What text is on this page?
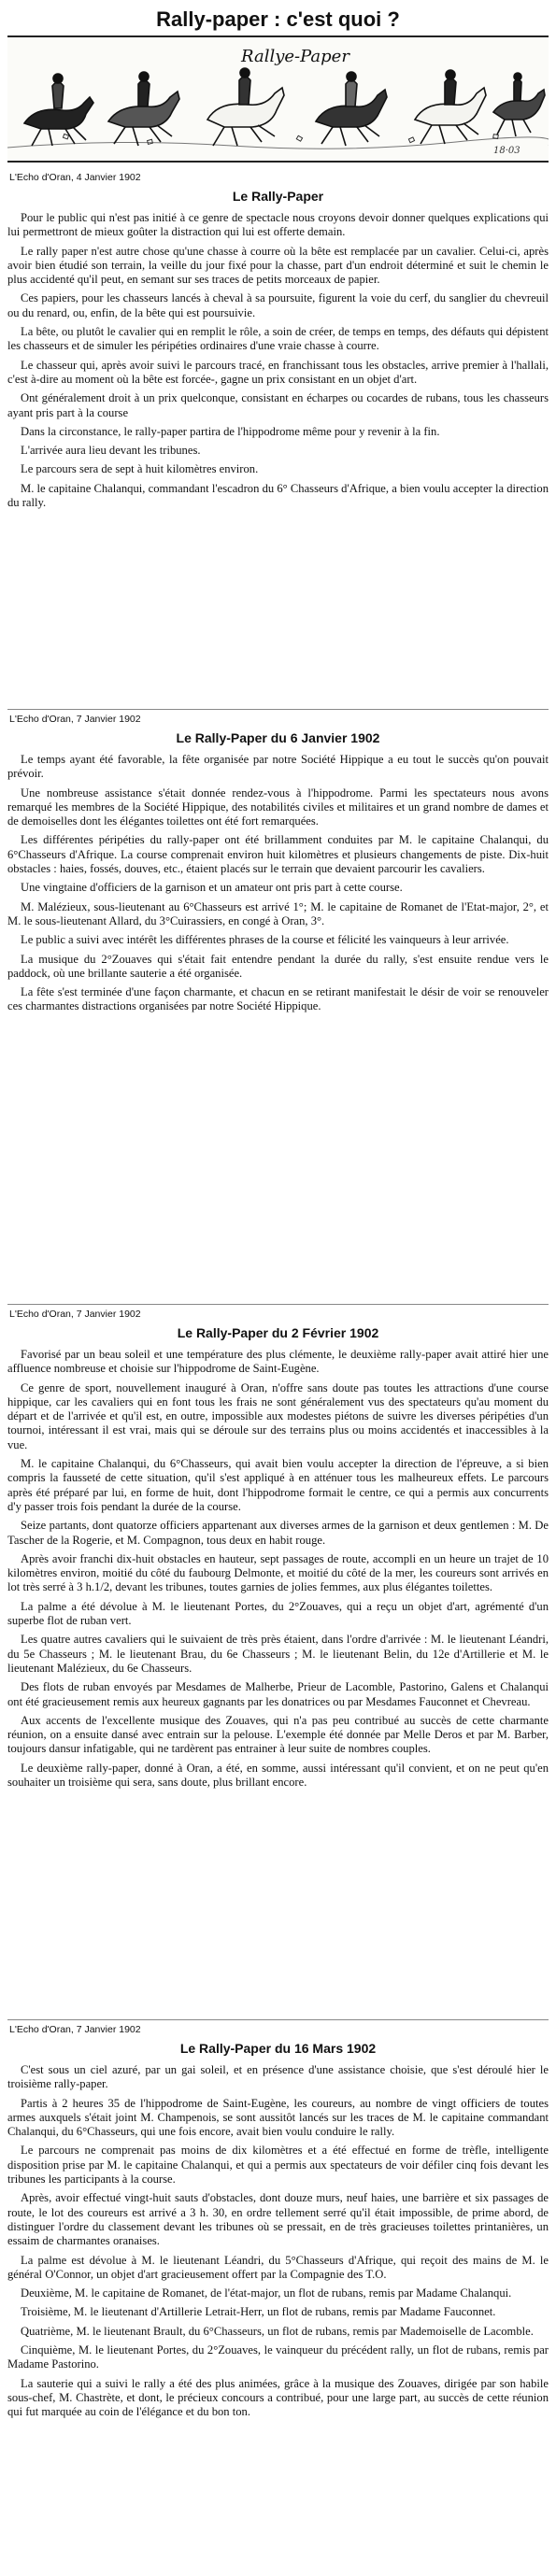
Rally-paper : c'est quoi ?
Rallye-Paper
18·03
L'Echo d'Oran, 4 Janvier 1902
Le Rally-Paper

Pour le public qui n'est pas initié à ce genre de spectacle nous croyons devoir donner quelques explications qui lui permettront de mieux goûter la distraction qui lui est offerte demain.

Le rally paper n'est autre chose qu'une chasse à courre où la bête est remplacée par un cavalier. Celui-ci, après avoir bien étudié son terrain, la veille du jour fixé pour la chasse, part d'un endroit déterminé et suit le chemin le plus accidenté qu'il peut, en semant sur ses traces de petits morceaux de papier.

Ces papiers, pour les chasseurs lancés à cheval à sa poursuite, figurent la voie du cerf, du sanglier du chevreuil ou du renard, ou, enfin, de la bête qui est poursuivie.

La bête, ou plutôt le cavalier qui en remplit le rôle, a soin de créer, de temps en temps, des défauts qui dépistent les chasseurs et de simuler les péripéties ordinaires d'une vraie chasse à courre.

Le chasseur qui, après avoir suivi le parcours tracé, en franchissant tous les obstacles, arrive premier à l'hallali, c'est à-dire au moment où la bête est forcée-, gagne un prix consistant en un objet d'art.

Ont généralement droit à un prix quelconque, consistant en écharpes ou cocardes de rubans, tous les chasseurs ayant pris part à la course

Dans la circonstance, le rally-paper partira de l'hippodrome même pour y revenir à la fin.

L'arrivée aura lieu devant les tribunes.

Le parcours sera de sept à huit kilomètres environ.

M. le capitaine Chalanqui, commandant l'escadron du 6° Chasseurs d'Afrique, a bien voulu accepter la direction du rally.

L'Echo d'Oran, 7 Janvier 1902
Le Rally-Paper du 6 Janvier 1902

Le temps ayant été favorable, la fête organisée par notre Société Hippique a eu tout le succès qu'on pouvait prévoir.

Une nombreuse assistance s'était donnée rendez-vous à l'hippodrome. Parmi les spectateurs nous avons remarqué les membres de la Société Hippique, des notabilités civiles et militaires et un grand nombre de dames et de demoiselles dont les élégantes toilettes ont été fort remarquées.

Les différentes péripéties du rally-paper ont été brillamment conduites par M. le capitaine Chalanqui, du 6°Chasseurs d'Afrique. La course comprenait environ huit kilomètres et plusieurs changements de piste. Dix-huit obstacles : haies, fossés, douves, etc., étaient placés sur le terrain que devaient parcourir les cavaliers.

Une vingtaine d'officiers de la garnison et un amateur ont pris part à cette course.

M. Malézieux, sous-lieutenant au 6°Chasseurs est arrivé 1°; M. le capitaine de Romanet de l'Etat-major, 2°, et M. le sous-lieutenant Allard, du 3°Cuirassiers, en congé à Oran, 3°.

Le public a suivi avec intérêt les différentes phrases de la course et félicité les vainqueurs à leur arrivée.

La musique du 2°Zouaves qui s'était fait entendre pendant la durée du rally, s'est ensuite rendue vers le paddock, où une brillante sauterie a été organisée.

La fête s'est terminée d'une façon charmante, et chacun en se retirant manifestait le désir de voir se renouveler ces charmantes distractions organisées par notre Société Hippique.

L'Echo d'Oran, 7 Janvier 1902
Le Rally-Paper du 2 Février 1902

Favorisé par un beau soleil et une température des plus clémente, le deuxième rally-paper avait attiré hier une affluence nombreuse et choisie sur l'hippodrome de Saint-Eugène.

Ce genre de sport, nouvellement inauguré à Oran, n'offre sans doute pas toutes les attractions d'une course hippique, car les cavaliers qui en font tous les frais ne sont généralement vus des spectateurs qu'au moment du départ et de l'arrivée et qu'il est, en outre, impossible aux modestes piétons de suivre les diverses péripéties d'un tournoi, intéressant il est vrai, mais qui se déroule sur des terrains plus ou moins accidentés et inaccessibles à la vue.

M. le capitaine Chalanqui, du 6°Chasseurs, qui avait bien voulu accepter la direction de l'épreuve, a si bien compris la fausseté de cette situation, qu'il s'est appliqué à en atténuer tous les malheureux effets. Le parcours après été préparé par lui, en forme de huit, dont l'hippodrome formait le centre, ce qui a permis aux concurrents d'y passer trois fois pendant la durée de la course.

Seize partants, dont quatorze officiers appartenant aux diverses armes de la garnison et deux gentlemen : M. De Tascher de la Rogerie, et M. Compagnon, tous deux en habit rouge.

Après avoir franchi dix-huit obstacles en hauteur, sept passages de route, accompli en un heure un trajet de 10 kilomètres environ, moitié du côté du faubourg Delmonte, et moitié du côté de la mer, les coureurs sont arrivés en lot très serré à 3 h.1/2, devant les tribunes, toutes garnies de jolies femmes, aux plus élégantes toilettes.

La palme a été dévolue à M. le lieutenant Portes, du 2°Zouaves, qui a reçu un objet d'art, agrémenté d'un superbe flot de ruban vert.

Les quatre autres cavaliers qui le suivaient de très près étaient, dans l'ordre d'arrivée : M. le lieutenant Léandri, du 5e Chasseurs ; M. le lieutenant Brau, du 6e Chasseurs ; M. le lieutenant Belin, du 12e d'Artillerie et M. le lieutenant Malézieux, du 6e Chasseurs.

Des flots de ruban envoyés par Mesdames de Malherbe, Prieur de Lacomble, Pastorino, Galens et Chalanqui ont été gracieusement remis aux heureux gagnants par les donatrices ou par Mesdames Fauconnet et Chevreau.

Aux accents de l'excellente musique des Zouaves, qui n'a pas peu contribué au succès de cette charmante réunion, on a ensuite dansé avec entrain sur la pelouse. L'exemple été donnée par Melle Deros et par M. Barber, toujours dansur infatigable, qui ne tardèrent pas entrainer à leur suite de nombres couples.

Le deuxième rally-paper, donné à Oran, a été, en somme, aussi intéressant qu'il convient, et on ne peut qu'en souhaiter un troisième qui sera, sans doute, plus brillant encore.

L'Echo d'Oran, 7 Janvier 1902
Le Rally-Paper du 16 Mars 1902

C'est sous un ciel azuré, par un gai soleil, et en présence d'une assistance choisie, que s'est déroulé hier le troisième rally-paper.

Partis à 2 heures 35 de l'hippodrome de Saint-Eugène, les coureurs, au nombre de vingt officiers de toutes armes auxquels s'était joint M. Champenois, se sont aussitôt lancés sur les traces de M. le capitaine commandant Chalanqui, du 6°Chasseurs, qui une fois encore, avait bien voulu conduire le rally.

Le parcours ne comprenait pas moins de dix kilomètres et a été effectué en forme de trèfle, intelligente disposition prise par M. le capitaine Chalanqui, et qui a permis aux spectateurs de voir défiler cinq fois devant les tribunes les participants à la course.

Après, avoir effectué vingt-huit sauts d'obstacles, dont douze murs, neuf haies, une barrière et six passages de route, le lot des coureurs est arrivé a 3 h. 30, en ordre tellement serré qu'il était impossible, de prime abord, de distinguer l'ordre du classement devant les tribunes où se pressait, en de très gracieuses toilettes printanières, un essaim de charmantes oranaises.

La palme est dévolue à M. le lieutenant Léandri, du 5°Chasseurs d'Afrique, qui reçoit des mains de M. le général O'Connor, un objet d'art gracieusement offert par la Compagnie des T.O.

Deuxième, M. le capitaine de Romanet, de l'état-major, un flot de rubans, remis par Madame Chalanqui.

Troisième, M. le lieutenant d'Artillerie Letrait-Herr, un flot de rubans, remis par Madame Fauconnet.

Quatrième, M. le lieutenant Brault, du 6°Chasseurs, un flot de rubans, remis par Mademoiselle de Lacomble.

Cinquième, M. le lieutenant Portes, du 2°Zouaves, le vainqueur du précédent rally, un flot de rubans, remis par Madame Pastorino.

La sauterie qui a suivi le rally a été des plus animées, grâce à la musique des Zouaves, dirigée par son habile sous-chef, M. Chastrète, et dont, le précieux concours a contribué, pour une large part, au succès de cette réunion qui fut marquée au coin de l'élégance et du bon ton.
